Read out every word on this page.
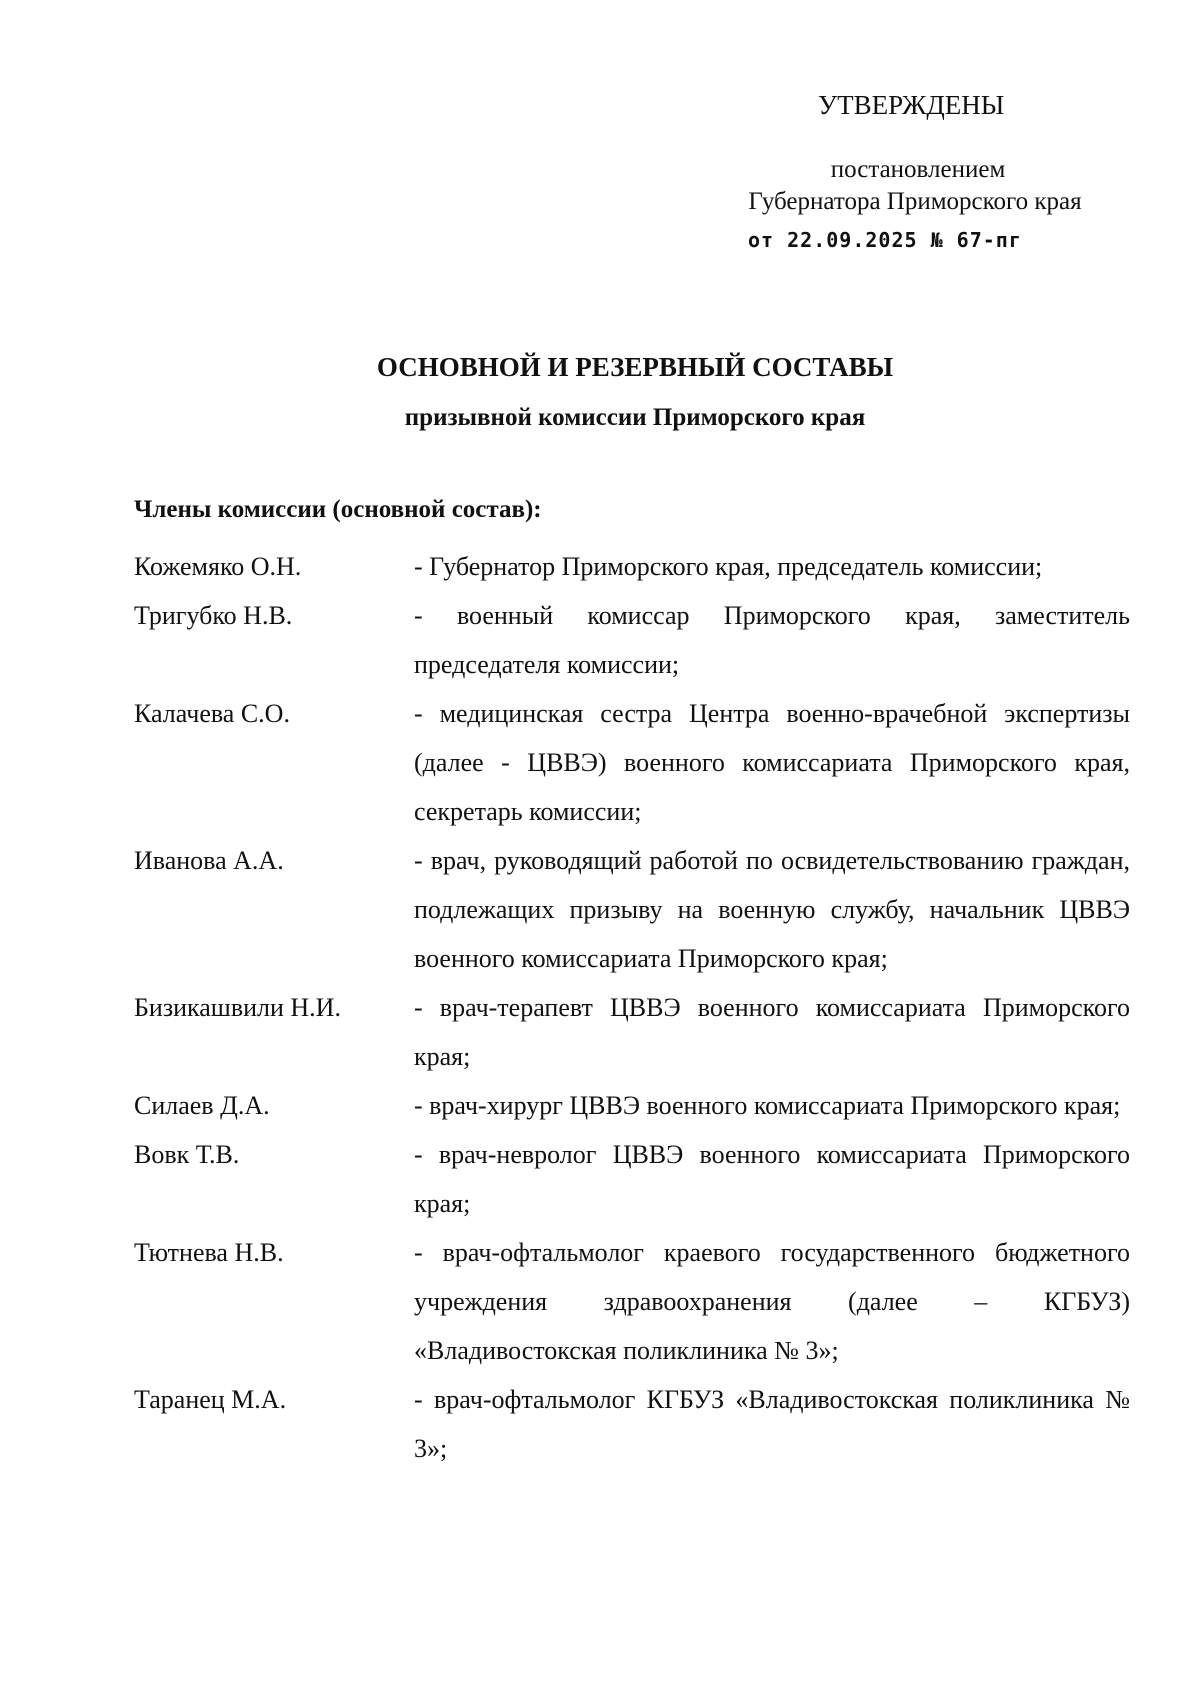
УТВЕРЖДЕНЫ
постановлением
Губернатора Приморского края
от 22.09.2025 № 67-пг
ОСНОВНОЙ И РЕЗЕРВНЫЙ СОСТАВЫ
призывной комиссии Приморского края
Члены комиссии (основной состав):
Кожемяко О.Н.	- Губернатор Приморского края, председатель комиссии;
Тригубко Н.В.	- военный комиссар Приморского края, заместитель председателя комиссии;
Калачева С.О.	- медицинская сестра Центра военно-врачебной экспертизы (далее - ЦВВЭ) военного комиссариата Приморского края, секретарь комиссии;
Иванова А.А.	- врач, руководящий работой по освидетельствованию граждан, подлежащих призыву на военную службу, начальник ЦВВЭ военного комиссариата Приморского края;
Бизикашвили Н.И.	- врач-терапевт ЦВВЭ военного комиссариата Приморского края;
Силаев Д.А.	- врач-хирург ЦВВЭ военного комиссариата Приморского края;
Вовк Т.В.	- врач-невролог ЦВВЭ военного комиссариата Приморского края;
Тютнева Н.В.	- врач-офтальмолог краевого государственного бюджетного учреждения здравоохранения (далее – КГБУЗ) «Владивостокская поликлиника № 3»;
Таранец М.А.	- врач-офтальмолог КГБУЗ «Владивостокская поликлиника № 3»;
